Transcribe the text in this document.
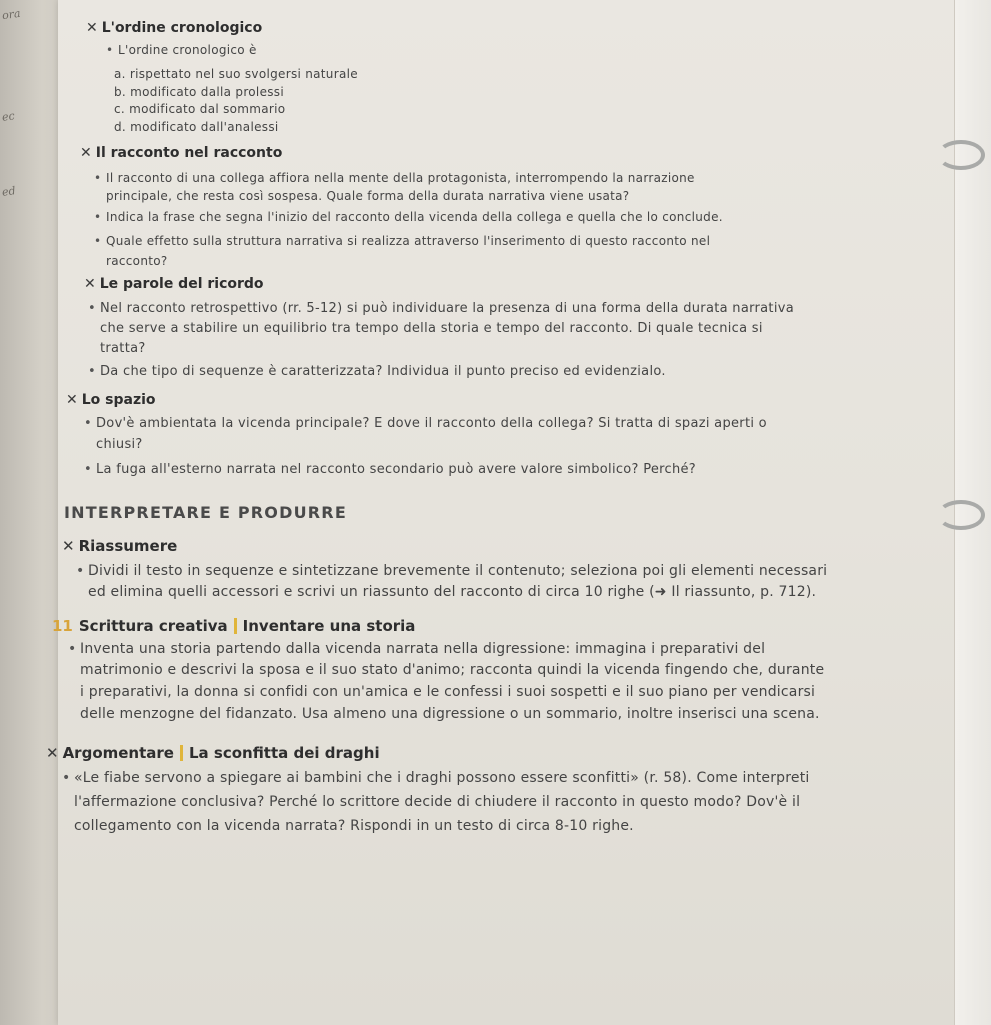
ora
ec
ed
✕ L'ordine cronologico
• L'ordine cronologico è
a. rispettato nel suo svolgersi naturale
b. modificato dalla prolessi
c. modificato dal sommario
d. modificato dall'analessi
✕ Il racconto nel racconto
• Il racconto di una collega affiora nella mente della protagonista, interrompendo la narrazione
principale, che resta così sospesa. Quale forma della durata narrativa viene usata?
• Indica la frase che segna l'inizio del racconto della vicenda della collega e quella che lo conclude.
• Quale effetto sulla struttura narrativa si realizza attraverso l'inserimento di questo racconto nel
racconto?
✕ Le parole del ricordo
• Nel racconto retrospettivo (rr. 5-12) si può individuare la presenza di una forma della durata narrativa
che serve a stabilire un equilibrio tra tempo della storia e tempo del racconto. Di quale tecnica si
tratta?
• Da che tipo di sequenze è caratterizzata? Individua il punto preciso ed evidenzialo.
✕ Lo spazio
• Dov'è ambientata la vicenda principale? E dove il racconto della collega? Si tratta di spazi aperti o
chiusi?
• La fuga all'esterno narrata nel racconto secondario può avere valore simbolico? Perché?
INTERPRETARE E PRODURRE
✕ Riassumere
• Dividi il testo in sequenze e sintetizzane brevemente il contenuto; seleziona poi gli elementi necessari
ed elimina quelli accessori e scrivi un riassunto del racconto di circa 10 righe (➜ Il riassunto, p. 712).
11 Scrittura creativa Inventare una storia
• Inventa una storia partendo dalla vicenda narrata nella digressione: immagina i preparativi del
matrimonio e descrivi la sposa e il suo stato d'animo; racconta quindi la vicenda fingendo che, durante
i preparativi, la donna si confidi con un'amica e le confessi i suoi sospetti e il suo piano per vendicarsi
delle menzogne del fidanzato. Usa almeno una digressione o un sommario, inoltre inserisci una scena.
✕ Argomentare La sconfitta dei draghi
• «Le fiabe servono a spiegare ai bambini che i draghi possono essere sconfitti» (r. 58). Come interpreti
l'affermazione conclusiva? Perché lo scrittore decide di chiudere il racconto in questo modo? Dov'è il
collegamento con la vicenda narrata? Rispondi in un testo di circa 8-10 righe.
